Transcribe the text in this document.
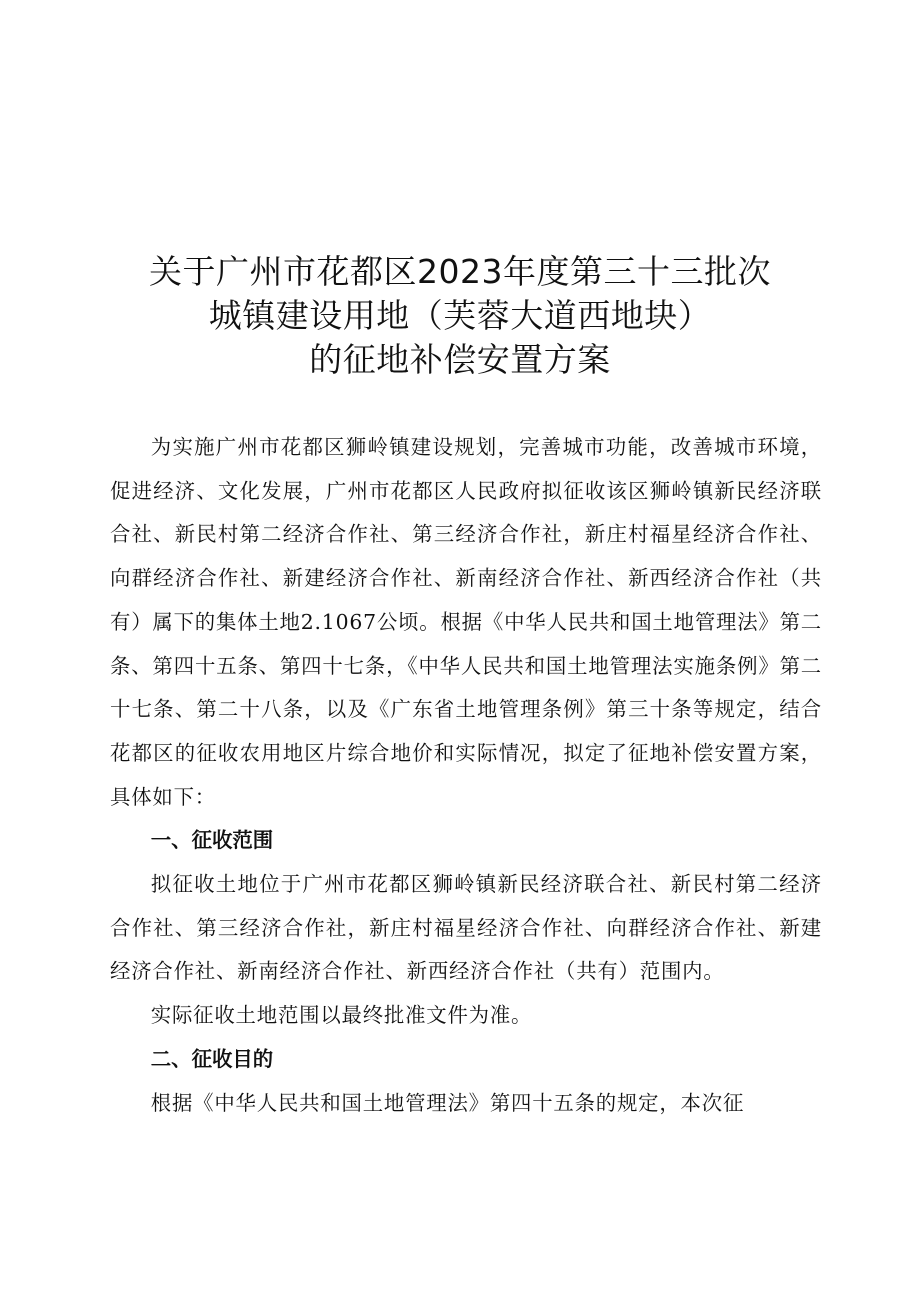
关于广州市花都区2023年度第三十三批次
城镇建设用地（芙蓉大道西地块）
的征地补偿安置方案

为实施广州市花都区狮岭镇建设规划，完善城市功能，改善城市环境，促进经济、文化发展，广州市花都区人民政府拟征收该区狮岭镇新民经济联合社、新民村第二经济合作社、第三经济合作社，新庄村福星经济合作社、向群经济合作社、新建经济合作社、新南经济合作社、新西经济合作社（共有）属下的集体土地2.1067公顷。根据《中华人民共和国土地管理法》第二条、第四十五条、第四十七条，《中华人民共和国土地管理法实施条例》第二十七条、第二十八条，以及《广东省土地管理条例》第三十条等规定，结合花都区的征收农用地区片综合地价和实际情况，拟定了征地补偿安置方案，具体如下：

一、征收范围

拟征收土地位于广州市花都区狮岭镇新民经济联合社、新民村第二经济合作社、第三经济合作社，新庄村福星经济合作社、向群经济合作社、新建经济合作社、新南经济合作社、新西经济合作社（共有）范围内。

实际征收土地范围以最终批准文件为准。

二、征收目的

根据《中华人民共和国土地管理法》第四十五条的规定，本次征
